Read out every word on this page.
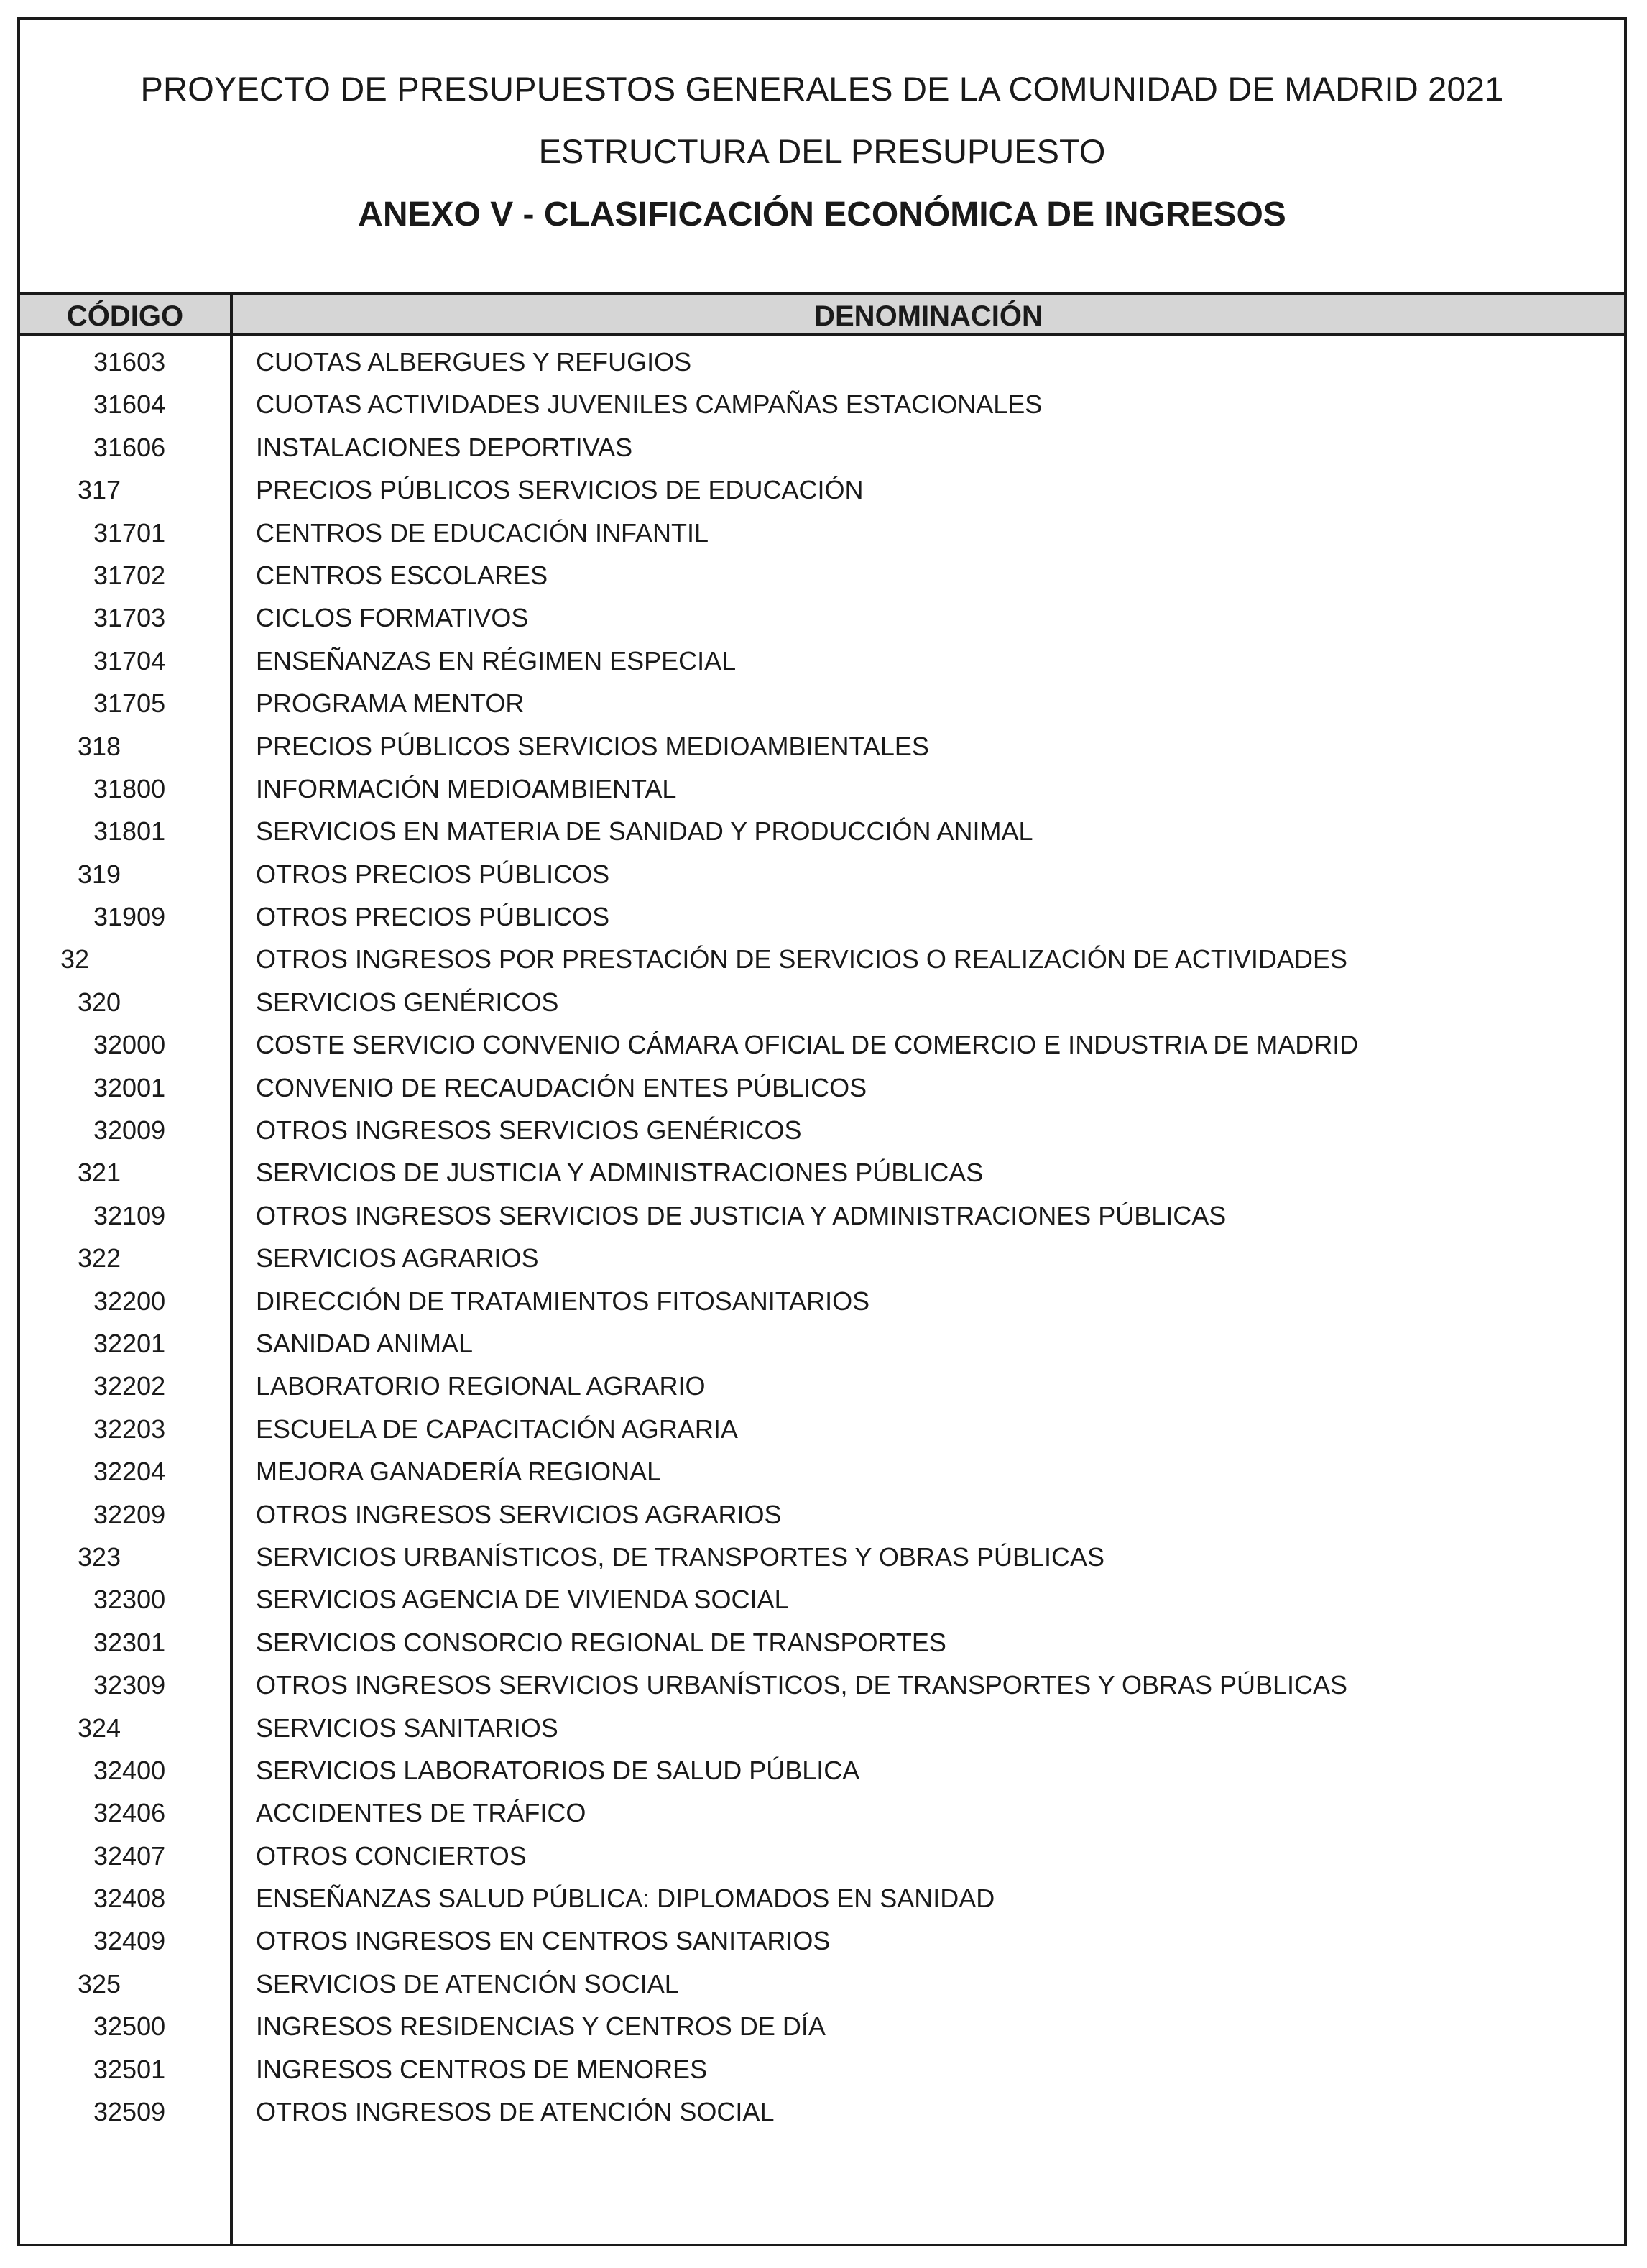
PROYECTO DE PRESUPUESTOS GENERALES DE LA COMUNIDAD DE MADRID 2021
ESTRUCTURA DEL PRESUPUESTO
ANEXO V - CLASIFICACIÓN ECONÓMICA DE INGRESOS
CÓDIGO	DENOMINACIÓN
31603	CUOTAS ALBERGUES Y REFUGIOS
31604	CUOTAS ACTIVIDADES JUVENILES CAMPAÑAS ESTACIONALES
31606	INSTALACIONES DEPORTIVAS
317	PRECIOS PÚBLICOS SERVICIOS DE EDUCACIÓN
31701	CENTROS DE EDUCACIÓN INFANTIL
31702	CENTROS ESCOLARES
31703	CICLOS FORMATIVOS
31704	ENSEÑANZAS EN RÉGIMEN ESPECIAL
31705	PROGRAMA MENTOR
318	PRECIOS PÚBLICOS SERVICIOS MEDIOAMBIENTALES
31800	INFORMACIÓN MEDIOAMBIENTAL
31801	SERVICIOS EN MATERIA DE SANIDAD Y PRODUCCIÓN ANIMAL
319	OTROS PRECIOS PÚBLICOS
31909	OTROS PRECIOS PÚBLICOS
32	OTROS INGRESOS POR PRESTACIÓN DE SERVICIOS O REALIZACIÓN DE ACTIVIDADES
320	SERVICIOS GENÉRICOS
32000	COSTE SERVICIO CONVENIO CÁMARA OFICIAL DE COMERCIO E INDUSTRIA DE MADRID
32001	CONVENIO DE RECAUDACIÓN ENTES PÚBLICOS
32009	OTROS INGRESOS SERVICIOS GENÉRICOS
321	SERVICIOS DE JUSTICIA Y ADMINISTRACIONES PÚBLICAS
32109	OTROS INGRESOS SERVICIOS DE JUSTICIA Y ADMINISTRACIONES PÚBLICAS
322	SERVICIOS AGRARIOS
32200	DIRECCIÓN DE TRATAMIENTOS FITOSANITARIOS
32201	SANIDAD ANIMAL
32202	LABORATORIO REGIONAL AGRARIO
32203	ESCUELA DE CAPACITACIÓN AGRARIA
32204	MEJORA GANADERÍA REGIONAL
32209	OTROS INGRESOS SERVICIOS AGRARIOS
323	SERVICIOS URBANÍSTICOS, DE TRANSPORTES Y OBRAS PÚBLICAS
32300	SERVICIOS AGENCIA DE VIVIENDA SOCIAL
32301	SERVICIOS CONSORCIO REGIONAL DE TRANSPORTES
32309	OTROS INGRESOS SERVICIOS URBANÍSTICOS, DE TRANSPORTES Y OBRAS PÚBLICAS
324	SERVICIOS SANITARIOS
32400	SERVICIOS LABORATORIOS DE SALUD PÚBLICA
32406	ACCIDENTES DE TRÁFICO
32407	OTROS CONCIERTOS
32408	ENSEÑANZAS SALUD PÚBLICA: DIPLOMADOS EN SANIDAD
32409	OTROS INGRESOS EN CENTROS SANITARIOS
325	SERVICIOS DE ATENCIÓN SOCIAL
32500	INGRESOS RESIDENCIAS Y CENTROS DE DÍA
32501	INGRESOS CENTROS DE MENORES
32509	OTROS INGRESOS DE ATENCIÓN SOCIAL
